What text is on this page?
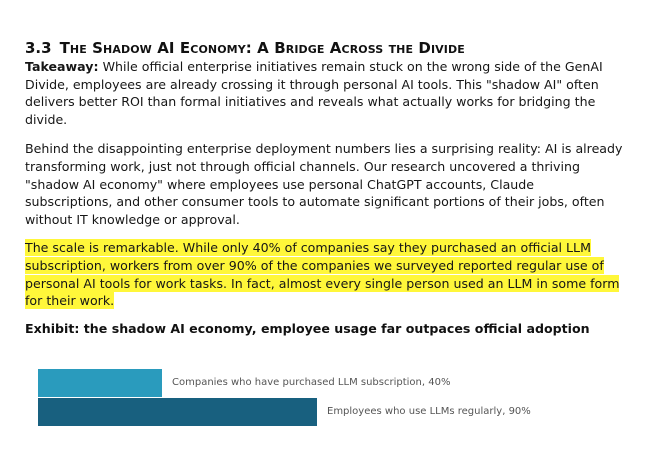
3.3 The Shadow AI Economy: A Bridge Across the Divide

Takeaway: While official enterprise initiatives remain stuck on the wrong side of the GenAI Divide, employees are already crossing it through personal AI tools. This "shadow AI" often delivers better ROI than formal initiatives and reveals what actually works for bridging the divide.

Behind the disappointing enterprise deployment numbers lies a surprising reality: AI is already transforming work, just not through official channels. Our research uncovered a thriving "shadow AI economy" where employees use personal ChatGPT accounts, Claude subscriptions, and other consumer tools to automate significant portions of their jobs, often without IT knowledge or approval.

The scale is remarkable. While only 40% of companies say they purchased an official LLM subscription, workers from over 90% of the companies we surveyed reported regular use of personal AI tools for work tasks. In fact, almost every single person used an LLM in some form for their work.

Exhibit: the shadow AI economy, employee usage far outpaces official adoption
Companies who have purchased LLM subscription, 40%
Employees who use LLMs regularly, 90%
